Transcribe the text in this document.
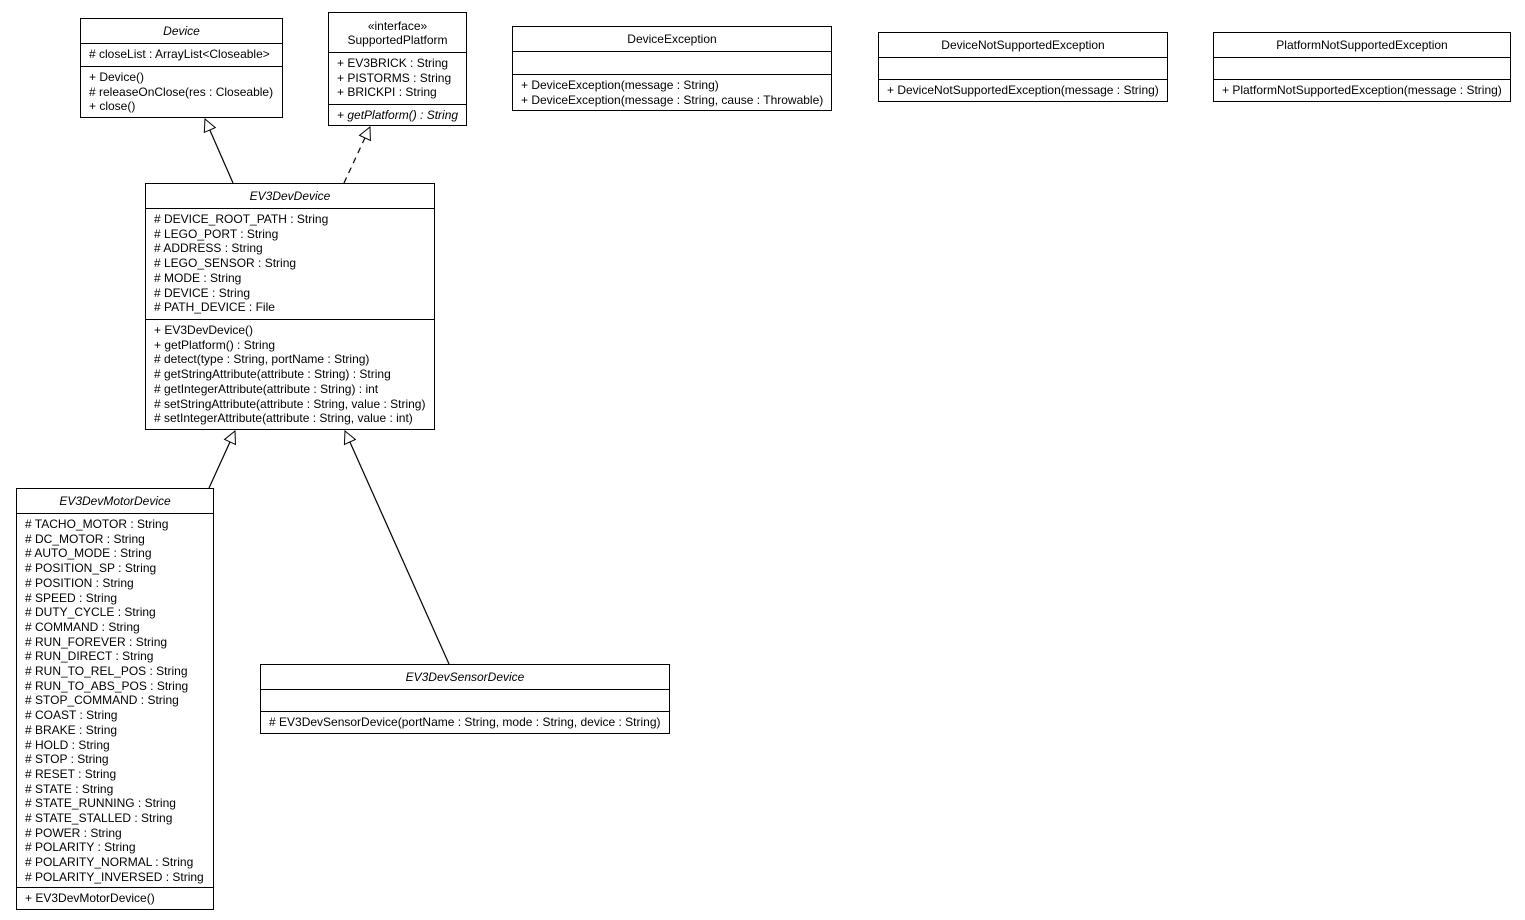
Device
# closeList : ArrayList<Closeable>
+ Device()
# releaseOnClose(res : Closeable)
+ close()
«interface»
SupportedPlatform
+ EV3BRICK : String
+ PISTORMS : String
+ BRICKPI : String
+ getPlatform() : String
DeviceException
+ DeviceException(message : String)
+ DeviceException(message : String, cause : Throwable)
DeviceNotSupportedException
+ DeviceNotSupportedException(message : String)
PlatformNotSupportedException
+ PlatformNotSupportedException(message : String)
EV3DevDevice
# DEVICE_ROOT_PATH : String
# LEGO_PORT : String
# ADDRESS : String
# LEGO_SENSOR : String
# MODE : String
# DEVICE : String
# PATH_DEVICE : File
+ EV3DevDevice()
+ getPlatform() : String
# detect(type : String, portName : String)
# getStringAttribute(attribute : String) : String
# getIntegerAttribute(attribute : String) : int
# setStringAttribute(attribute : String, value : String)
# setIntegerAttribute(attribute : String, value : int)
EV3DevMotorDevice
# TACHO_MOTOR : String
# DC_MOTOR : String
# AUTO_MODE : String
# POSITION_SP : String
# POSITION : String
# SPEED : String
# DUTY_CYCLE : String
# COMMAND : String
# RUN_FOREVER : String
# RUN_DIRECT : String
# RUN_TO_REL_POS : String
# RUN_TO_ABS_POS : String
# STOP_COMMAND : String
# COAST : String
# BRAKE : String
# HOLD : String
# STOP : String
# RESET : String
# STATE : String
# STATE_RUNNING : String
# STATE_STALLED : String
# POWER : String
# POLARITY : String
# POLARITY_NORMAL : String
# POLARITY_INVERSED : String
+ EV3DevMotorDevice()
EV3DevSensorDevice
# EV3DevSensorDevice(portName : String, mode : String, device : String)
